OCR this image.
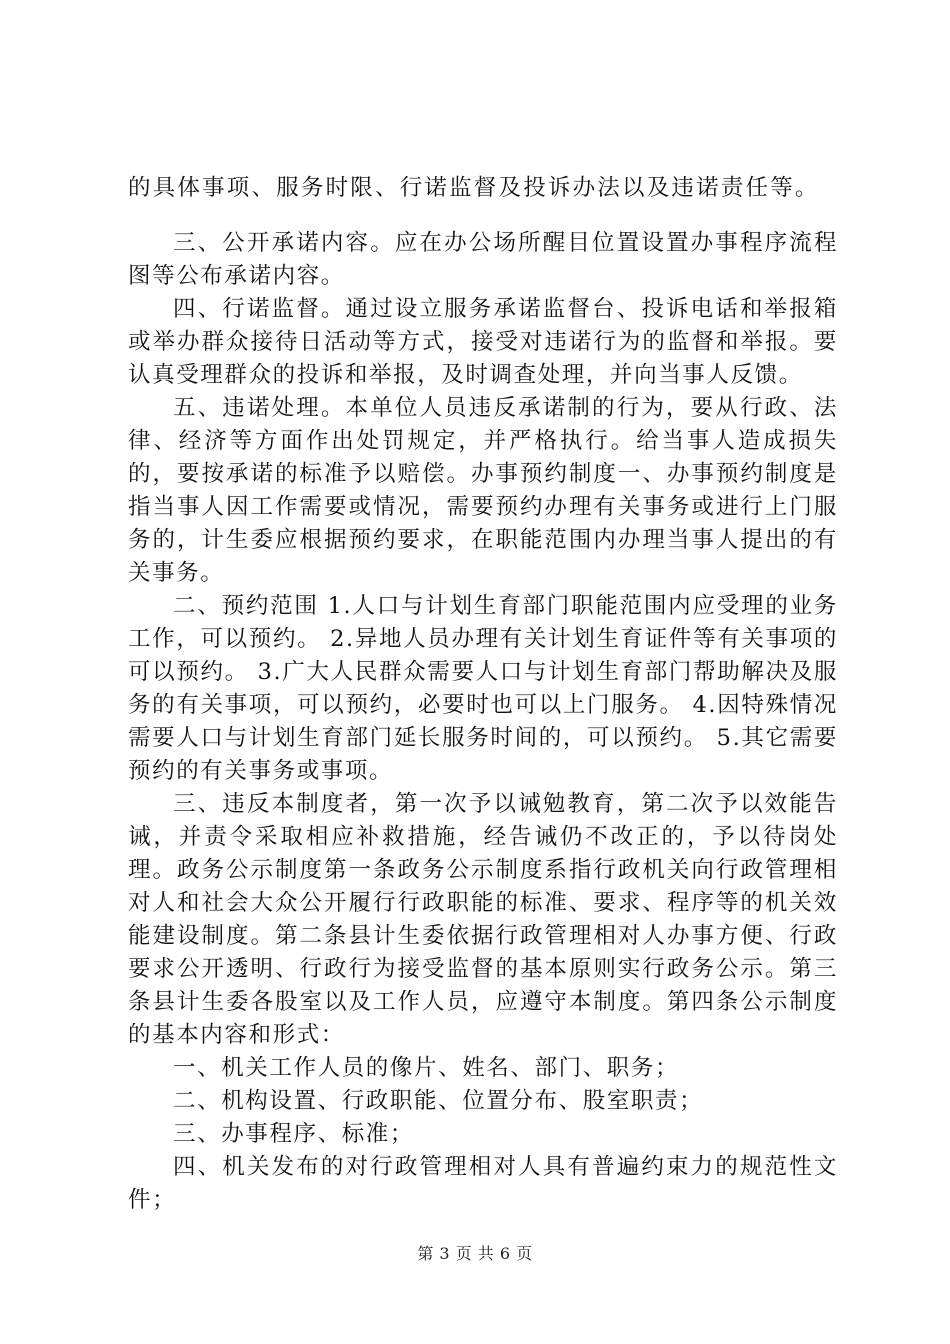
的具体事项、服务时限、行诺监督及投诉办法以及违诺责任等。

三、公开承诺内容。应在办公场所醒目位置设置办事程序流程图等公布承诺内容。

四、行诺监督。通过设立服务承诺监督台、投诉电话和举报箱或举办群众接待日活动等方式，接受对违诺行为的监督和举报。要认真受理群众的投诉和举报，及时调查处理，并向当事人反馈。

五、违诺处理。本单位人员违反承诺制的行为，要从行政、法律、经济等方面作出处罚规定，并严格执行。给当事人造成损失的，要按承诺的标准予以赔偿。办事预约制度一、办事预约制度是指当事人因工作需要或情况，需要预约办理有关事务或进行上门服务的，计生委应根据预约要求，在职能范围内办理当事人提出的有关事务。

二、预约范围 1.人口与计划生育部门职能范围内应受理的业务工作，可以预约。 2.异地人员办理有关计划生育证件等有关事项的可以预约。 3.广大人民群众需要人口与计划生育部门帮助解决及服务的有关事项，可以预约，必要时也可以上门服务。 4.因特殊情况需要人口与计划生育部门延长服务时间的，可以预约。 5.其它需要预约的有关事务或事项。

三、违反本制度者，第一次予以诫勉教育，第二次予以效能告诫，并责令采取相应补救措施，经告诫仍不改正的，予以待岗处理。政务公示制度第一条政务公示制度系指行政机关向行政管理相对人和社会大众公开履行行政职能的标准、要求、程序等的机关效能建设制度。第二条县计生委依据行政管理相对人办事方便、行政要求公开透明、行政行为接受监督的基本原则实行政务公示。第三条县计生委各股室以及工作人员，应遵守本制度。第四条公示制度的基本内容和形式：

一、机关工作人员的像片、姓名、部门、职务；

二、机构设置、行政职能、位置分布、股室职责；

三、办事程序、标准；

四、机关发布的对行政管理相对人具有普遍约束力的规范性文件；

第 3 页 共 6 页
